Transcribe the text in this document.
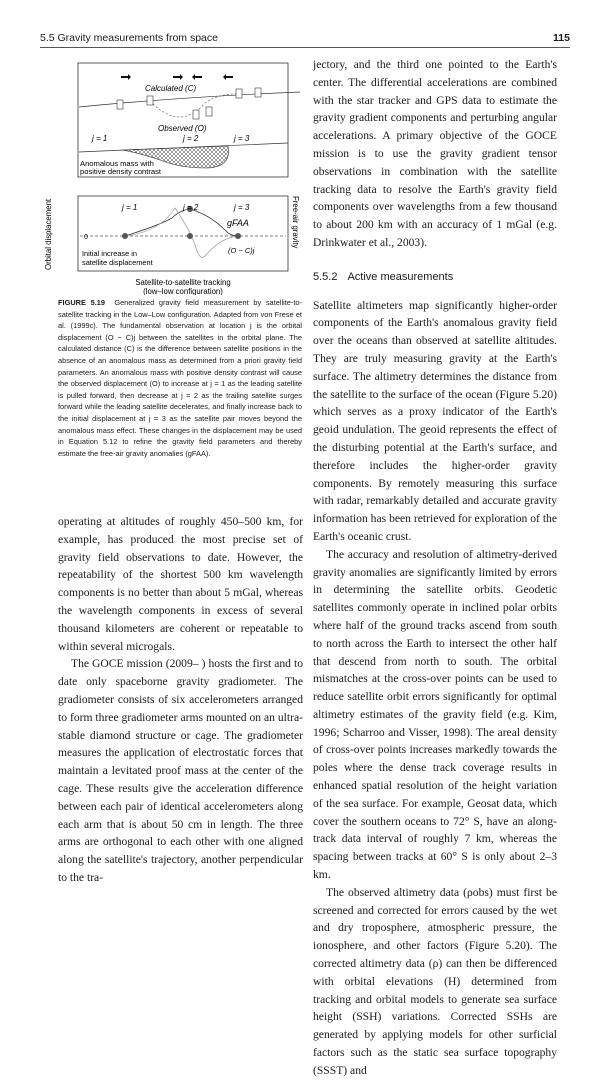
5.5 Gravity measurements from space	115
Calculated (C)
Observed (O)
j = 1	j = 2	j = 3
Anomalous mass with
positive density contrast
0
j = 1	j = 2	j = 3
gFAA
(O − C)j
Initial increase in
satellite displacement
Orbital displacement	Free-air gravity
Satellite-to-satellite tracking
(low–low configuration)
FIGURE 5.19 Generalized gravity field measurement by satellite-to-satellite tracking in the Low–Low configuration. Adapted from von Frese et al. (1999c). The fundamental observation at location j is the orbital displacement (O − C)j between the satellites in the orbital plane. The calculated distance (C) is the difference between satellite positions in the absence of an anomalous mass as determined from a priori gravity field parameters. An anomalous mass with positive density contrast will cause the observed displacement (O) to increase at j = 1 as the leading satellite is pulled forward, then decrease at j = 2 as the trailing satellite surges forward while the leading satellite decelerates, and finally increase back to the initial displacement at j = 3 as the satellite pair moves beyond the anomalous mass effect. These changes in the displacement may be used in Equation 5.12 to refine the gravity field parameters and thereby estimate the free-air gravity anomalies (gFAA).

operating at altitudes of roughly 450–500 km, for example, has produced the most precise set of gravity field observations to date. However, the repeatability of the shortest 500 km wavelength components is no better than about 5 mGal, whereas the wavelength components in excess of several thousand kilometers are coherent or repeatable to within several microgals.

The GOCE mission (2009– ) hosts the first and to date only spaceborne gravity gradiometer. The gradiometer consists of six accelerometers arranged to form three gradiometer arms mounted on an ultra-stable diamond structure or cage. The gradiometer measures the application of electrostatic forces that maintain a levitated proof mass at the center of the cage. These results give the acceleration difference between each pair of identical accelerometers along each arm that is about 50 cm in length. The three arms are orthogonal to each other with one aligned along the satellite's trajectory, another perpendicular to the tra-

jectory, and the third one pointed to the Earth's center. The differential accelerations are combined with the star tracker and GPS data to estimate the gravity gradient components and perturbing angular accelerations. A primary objective of the GOCE mission is to use the gravity gradient tensor observations in combination with the satellite tracking data to resolve the Earth's gravity field components over wavelengths from a few thousand to about 200 km with an accuracy of 1 mGal (e.g. Drinkwater et al., 2003).

5.5.2 Active measurements

Satellite altimeters map significantly higher-order components of the Earth's anomalous gravity field over the oceans than observed at satellite altitudes. They are truly measuring gravity at the Earth's surface. The altimetry determines the distance from the satellite to the surface of the ocean (Figure 5.20) which serves as a proxy indicator of the Earth's geoid undulation. The geoid represents the effect of the disturbing potential at the Earth's surface, and therefore includes the higher-order gravity components. By remotely measuring this surface with radar, remarkably detailed and accurate gravity information has been retrieved for exploration of the Earth's oceanic crust.

The accuracy and resolution of altimetry-derived gravity anomalies are significantly limited by errors in determining the satellite orbits. Geodetic satellites commonly operate in inclined polar orbits where half of the ground tracks ascend from south to north across the Earth to intersect the other half that descend from north to south. The orbital mismatches at the cross-over points can be used to reduce satellite orbit errors significantly for optimal altimetry estimates of the gravity field (e.g. Kim, 1996; Scharroo and Visser, 1998). The areal density of cross-over points increases markedly towards the poles where the dense track coverage results in enhanced spatial resolution of the height variation of the sea surface. For example, Geosat data, which cover the southern oceans to 72° S, have an along-track data interval of roughly 7 km, whereas the spacing between tracks at 60° S is only about 2–3 km.

The observed altimetry data (ρobs) must first be screened and corrected for errors caused by the wet and dry troposphere, atmospheric pressure, the ionosphere, and other factors (Figure 5.20). The corrected altimetry data (ρ) can then be differenced with orbital elevations (H) determined from tracking and orbital models to generate sea surface height (SSH) variations. Corrected SSHs are generated by applying models for other surficial factors such as the static sea surface topography (SSST) and
